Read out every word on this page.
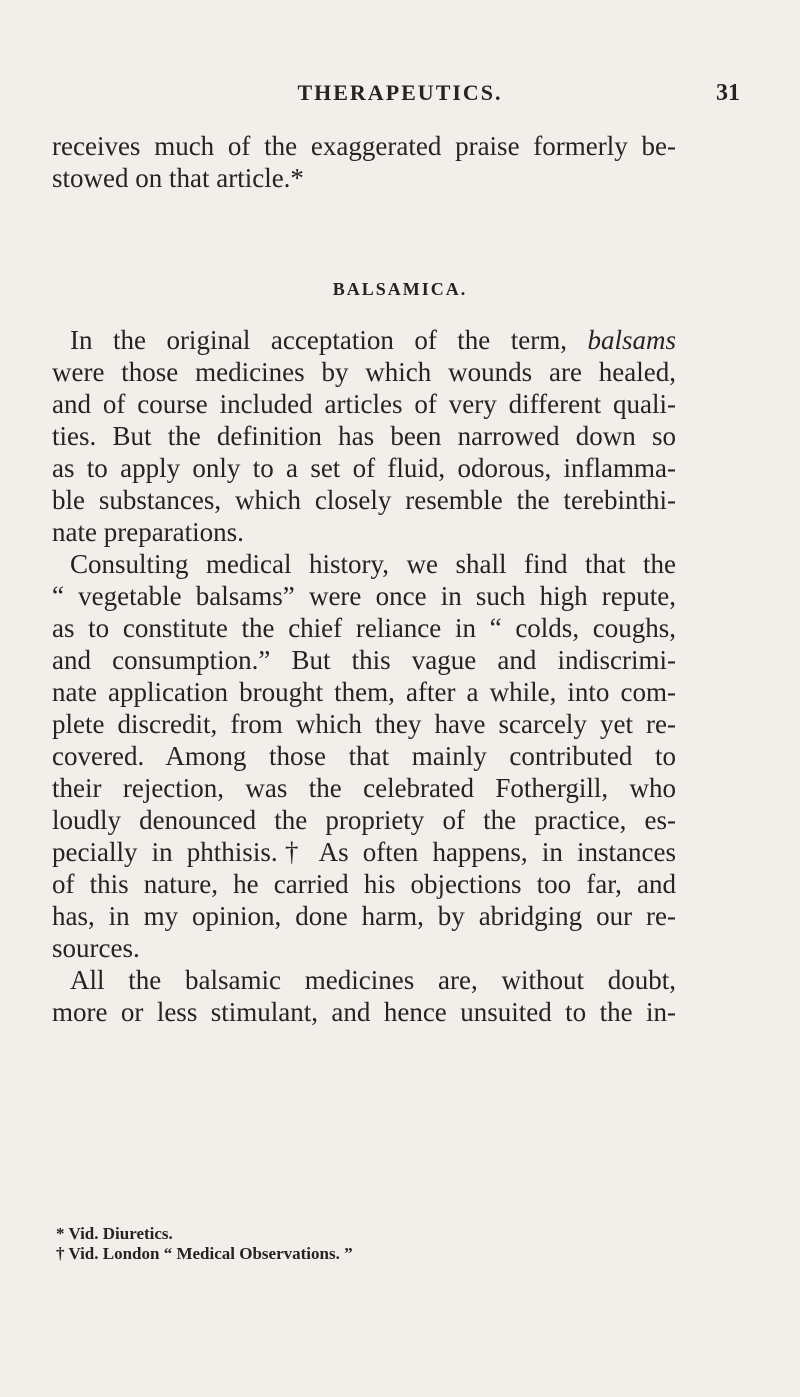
THERAPEUTICS.	31
receives much of the exaggerated praise formerly be-
stowed on that article.*
BALSAMICA.
In the original acceptation of the term, balsams
were those medicines by which wounds are healed,
and of course included articles of very different quali-
ties. But the definition has been narrowed down so
as to apply only to a set of fluid, odorous, inflamma-
ble substances, which closely resemble the terebinthi-
nate preparations.
Consulting medical history, we shall find that the
“ vegetable balsams” were once in such high repute,
as to constitute the chief reliance in “ colds, coughs,
and consumption.” But this vague and indiscrimi-
nate application brought them, after a while, into com-
plete discredit, from which they have scarcely yet re-
covered. Among those that mainly contributed to
their rejection, was the celebrated Fothergill, who
loudly denounced the propriety of the practice, es-
pecially in phthisis.† As often happens, in instances
of this nature, he carried his objections too far, and
has, in my opinion, done harm, by abridging our re-
sources.
All the balsamic medicines are, without doubt,
more or less stimulant, and hence unsuited to the in-
* Vid. Diuretics.
† Vid. London “ Medical Observations. ”
